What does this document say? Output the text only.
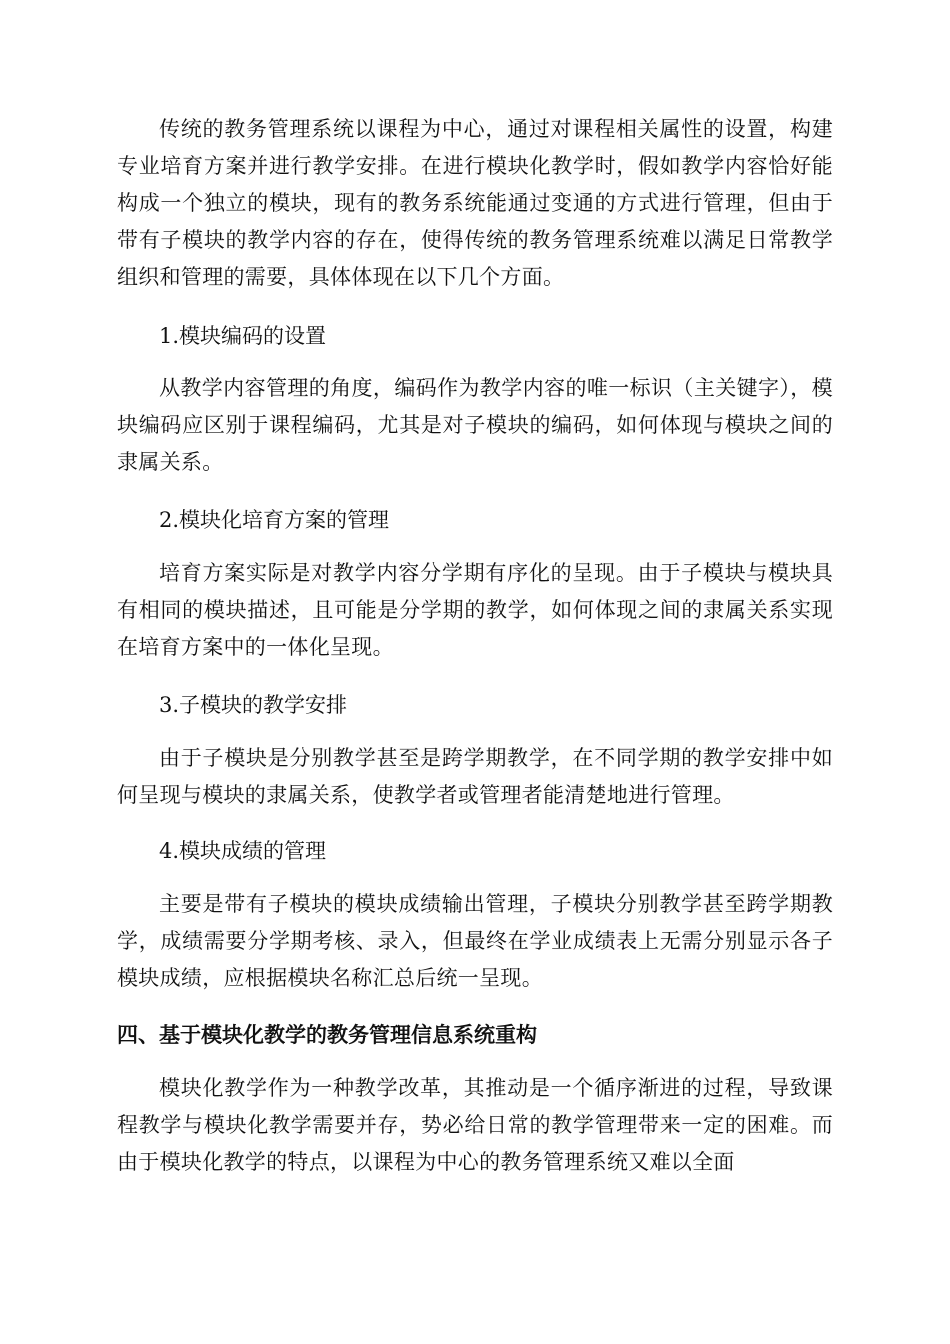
传统的教务管理系统以课程为中心，通过对课程相关属性的设置，构建专业培育方案并进行教学安排。在进行模块化教学时，假如教学内容恰好能构成一个独立的模块，现有的教务系统能通过变通的方式进行管理，但由于带有子模块的教学内容的存在，使得传统的教务管理系统难以满足日常教学组织和管理的需要，具体体现在以下几个方面。

1.模块编码的设置

从教学内容管理的角度，编码作为教学内容的唯一标识（主关键字），模块编码应区别于课程编码，尤其是对子模块的编码，如何体现与模块之间的隶属关系。

2.模块化培育方案的管理

培育方案实际是对教学内容分学期有序化的呈现。由于子模块与模块具有相同的模块描述，且可能是分学期的教学，如何体现之间的隶属关系实现在培育方案中的一体化呈现。

3.子模块的教学安排

由于子模块是分别教学甚至是跨学期教学，在不同学期的教学安排中如何呈现与模块的隶属关系，使教学者或管理者能清楚地进行管理。

4.模块成绩的管理

主要是带有子模块的模块成绩输出管理，子模块分别教学甚至跨学期教学，成绩需要分学期考核、录入，但最终在学业成绩表上无需分别显示各子模块成绩，应根据模块名称汇总后统一呈现。

四、基于模块化教学的教务管理信息系统重构

模块化教学作为一种教学改革，其推动是一个循序渐进的过程，导致课程教学与模块化教学需要并存，势必给日常的教学管理带来一定的困难。而由于模块化教学的特点，以课程为中心的教务管理系统又难以全面
